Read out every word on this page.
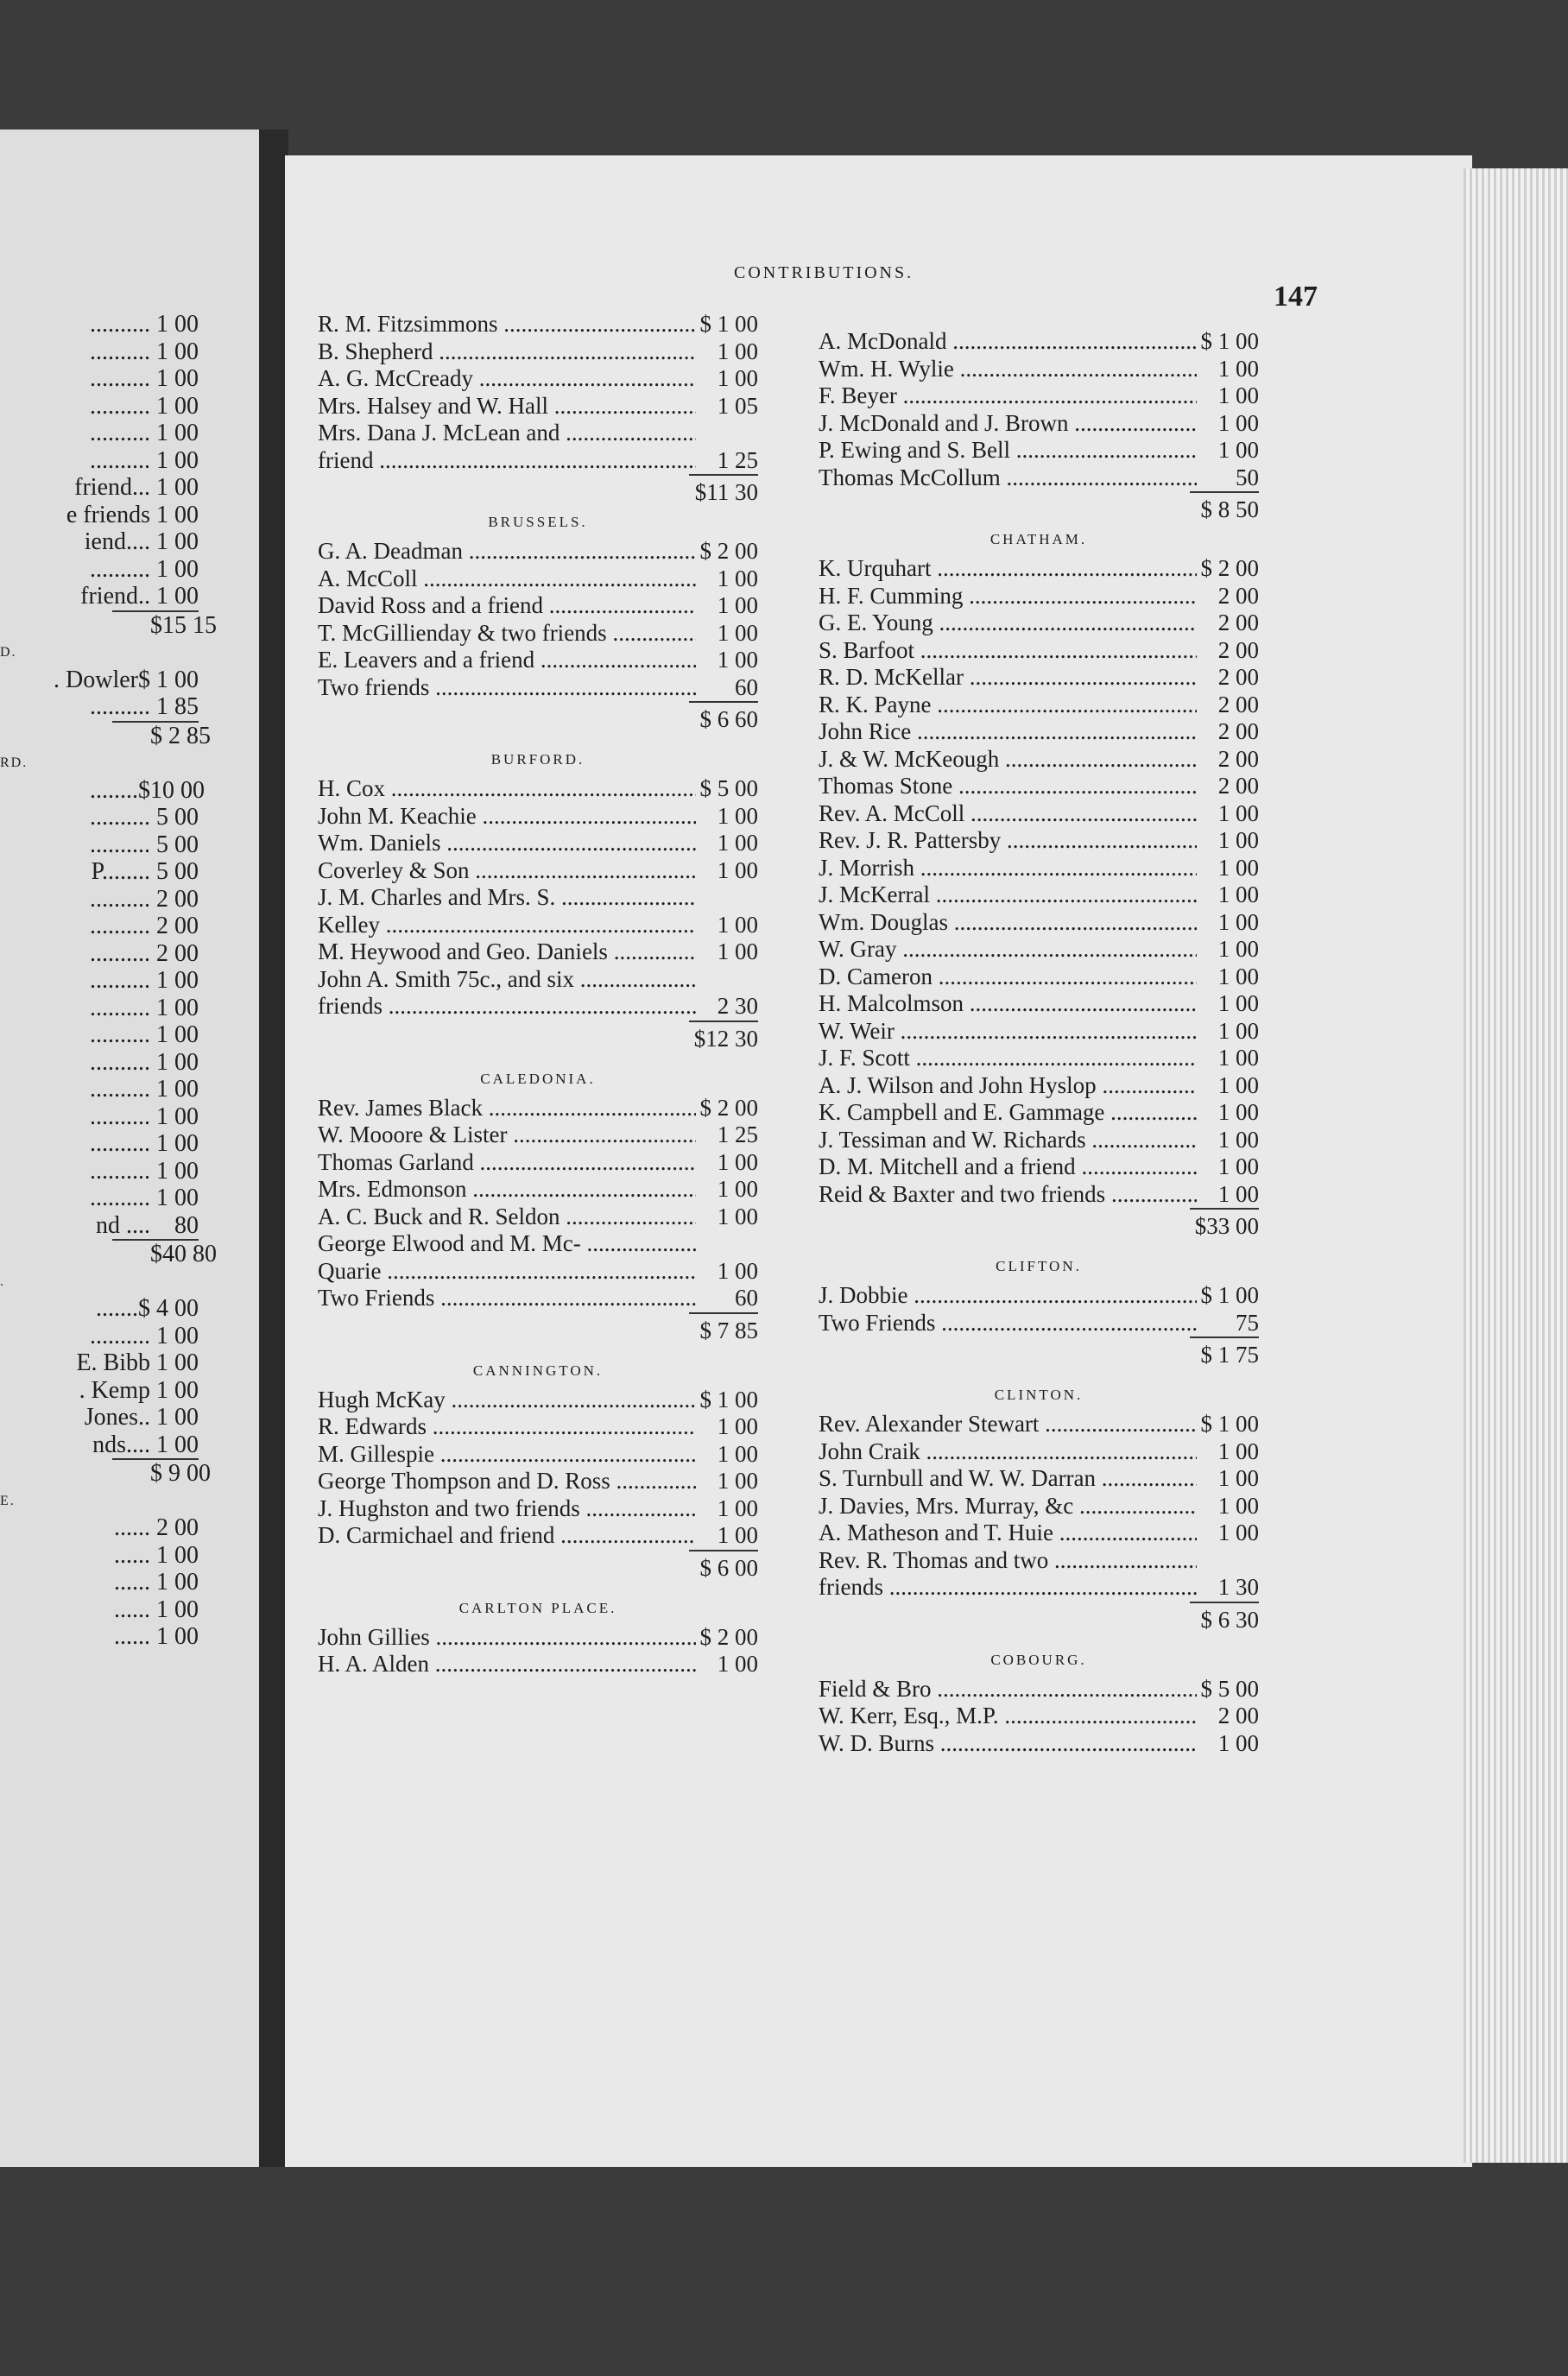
.......... 1 00
.......... 1 00
.......... 1 00
.......... 1 00
.......... 1 00
.......... 1 00
friend... 1 00
e friends 1 00
iend.... 1 00
.......... 1 00
friend.. 1 00
$15 15
D.
. Dowler$ 1 00
.......... 1 85
$ 2 85
RD.
........$ 10 00
.......... 5 00
.......... 5 00
P........ 5 00
.......... 2 00
.......... 2 00
.......... 2 00
.......... 1 00
.......... 1 00
.......... 1 00
.......... 1 00
.......... 1 00
.......... 1 00
.......... 1 00
.......... 1 00
.......... 1 00
nd ....	80
$40 80
.
.......$ 4 00
.......... 1 00
E. Bibb 1 00
. Kemp 1 00
Jones.. 1 00
nds.... 1 00
$ 9 00
E.
...... 2 00
...... 1 00
...... 1 00
...... 1 00
...... 1 00
CONTRIBUTIONS.
147
R. M. Fitzsimmons .....	$ 1 00
B. Shepherd .....	1 00
A. G. McCready .....	1 00
Mrs. Halsey and W. Hall .....	1 05
Mrs. Dana J. McLean and .....
friend .....	1 25
$11 30
BRUSSELS.
G. A. Deadman .....	$ 2 00
A. McColl .....	1 00
David Ross and a friend .....	1 00
T. McGillienday & two friends .....	1 00
E. Leavers and a friend .....	1 00
Two friends .....	60
$ 6 60
BURFORD.
H. Cox .....	$ 5 00
John M. Keachie .....	1 00
Wm. Daniels .....	1 00
Coverley & Son .....	1 00
J. M. Charles and Mrs. S. .....
Kelley .....	1 00
M. Heywood and Geo. Daniels .....	1 00
John A. Smith 75c., and six .....
friends .....	2 30
$12 30
CALEDONIA.
Rev. James Black .....	$ 2 00
W. Mooore & Lister .....	1 25
Thomas Garland .....	1 00
Mrs. Edmonson .....	1 00
A. C. Buck and R. Seldon .....	1 00
George Elwood and M. Mc- .....
Quarie .....	1 00
Two Friends .....	60
$ 7 85
CANNINGTON.
Hugh McKay .....	$ 1 00
R. Edwards .....	1 00
M. Gillespie .....	1 00
George Thompson and D. Ross .....	1 00
J. Hughston and two friends .....	1 00
D. Carmichael and friend .....	1 00
$ 6 00
CARLTON PLACE.
John Gillies .....	$ 2 00
H. A. Alden .....	1 00
A. McDonald .....	$ 1 00
Wm. H. Wylie .....	1 00
F. Beyer .....	1 00
J. McDonald and J. Brown .....	1 00
P. Ewing and S. Bell .....	1 00
Thomas McCollum .....	50
$ 8 50
CHATHAM.
K. Urquhart .....	$ 2 00
H. F. Cumming .....	2 00
G. E. Young .....	2 00
S. Barfoot .....	2 00
R. D. McKellar .....	2 00
R. K. Payne .....	2 00
John Rice .....	2 00
J. & W. McKeough .....	2 00
Thomas Stone .....	2 00
Rev. A. McColl .....	1 00
Rev. J. R. Pattersby .....	1 00
J. Morrish .....	1 00
J. McKerral .....	1 00
Wm. Douglas .....	1 00
W. Gray .....	1 00
D. Cameron .....	1 00
H. Malcolmson .....	1 00
W. Weir .....	1 00
J. F. Scott .....	1 00
A. J. Wilson and John Hyslop .....	1 00
K. Campbell and E. Gammage .....	1 00
J. Tessiman and W. Richards .....	1 00
D. M. Mitchell and a friend .....	1 00
Reid & Baxter and two friends .....	1 00
$33 00
CLIFTON.
J. Dobbie .....	$ 1 00
Two Friends .....	75
$ 1 75
CLINTON.
Rev. Alexander Stewart .....	$ 1 00
John Craik .....	1 00
S. Turnbull and W. W. Darran .....	1 00
J. Davies, Mrs. Murray, &c .....	1 00
A. Matheson and T. Huie .....	1 00
Rev. R. Thomas and two .....
friends .....	1 30
$ 6 30
COBOURG.
Field & Bro .....	$ 5 00
W. Kerr, Esq., M.P. .....	2 00
W. D. Burns .....	1 00
